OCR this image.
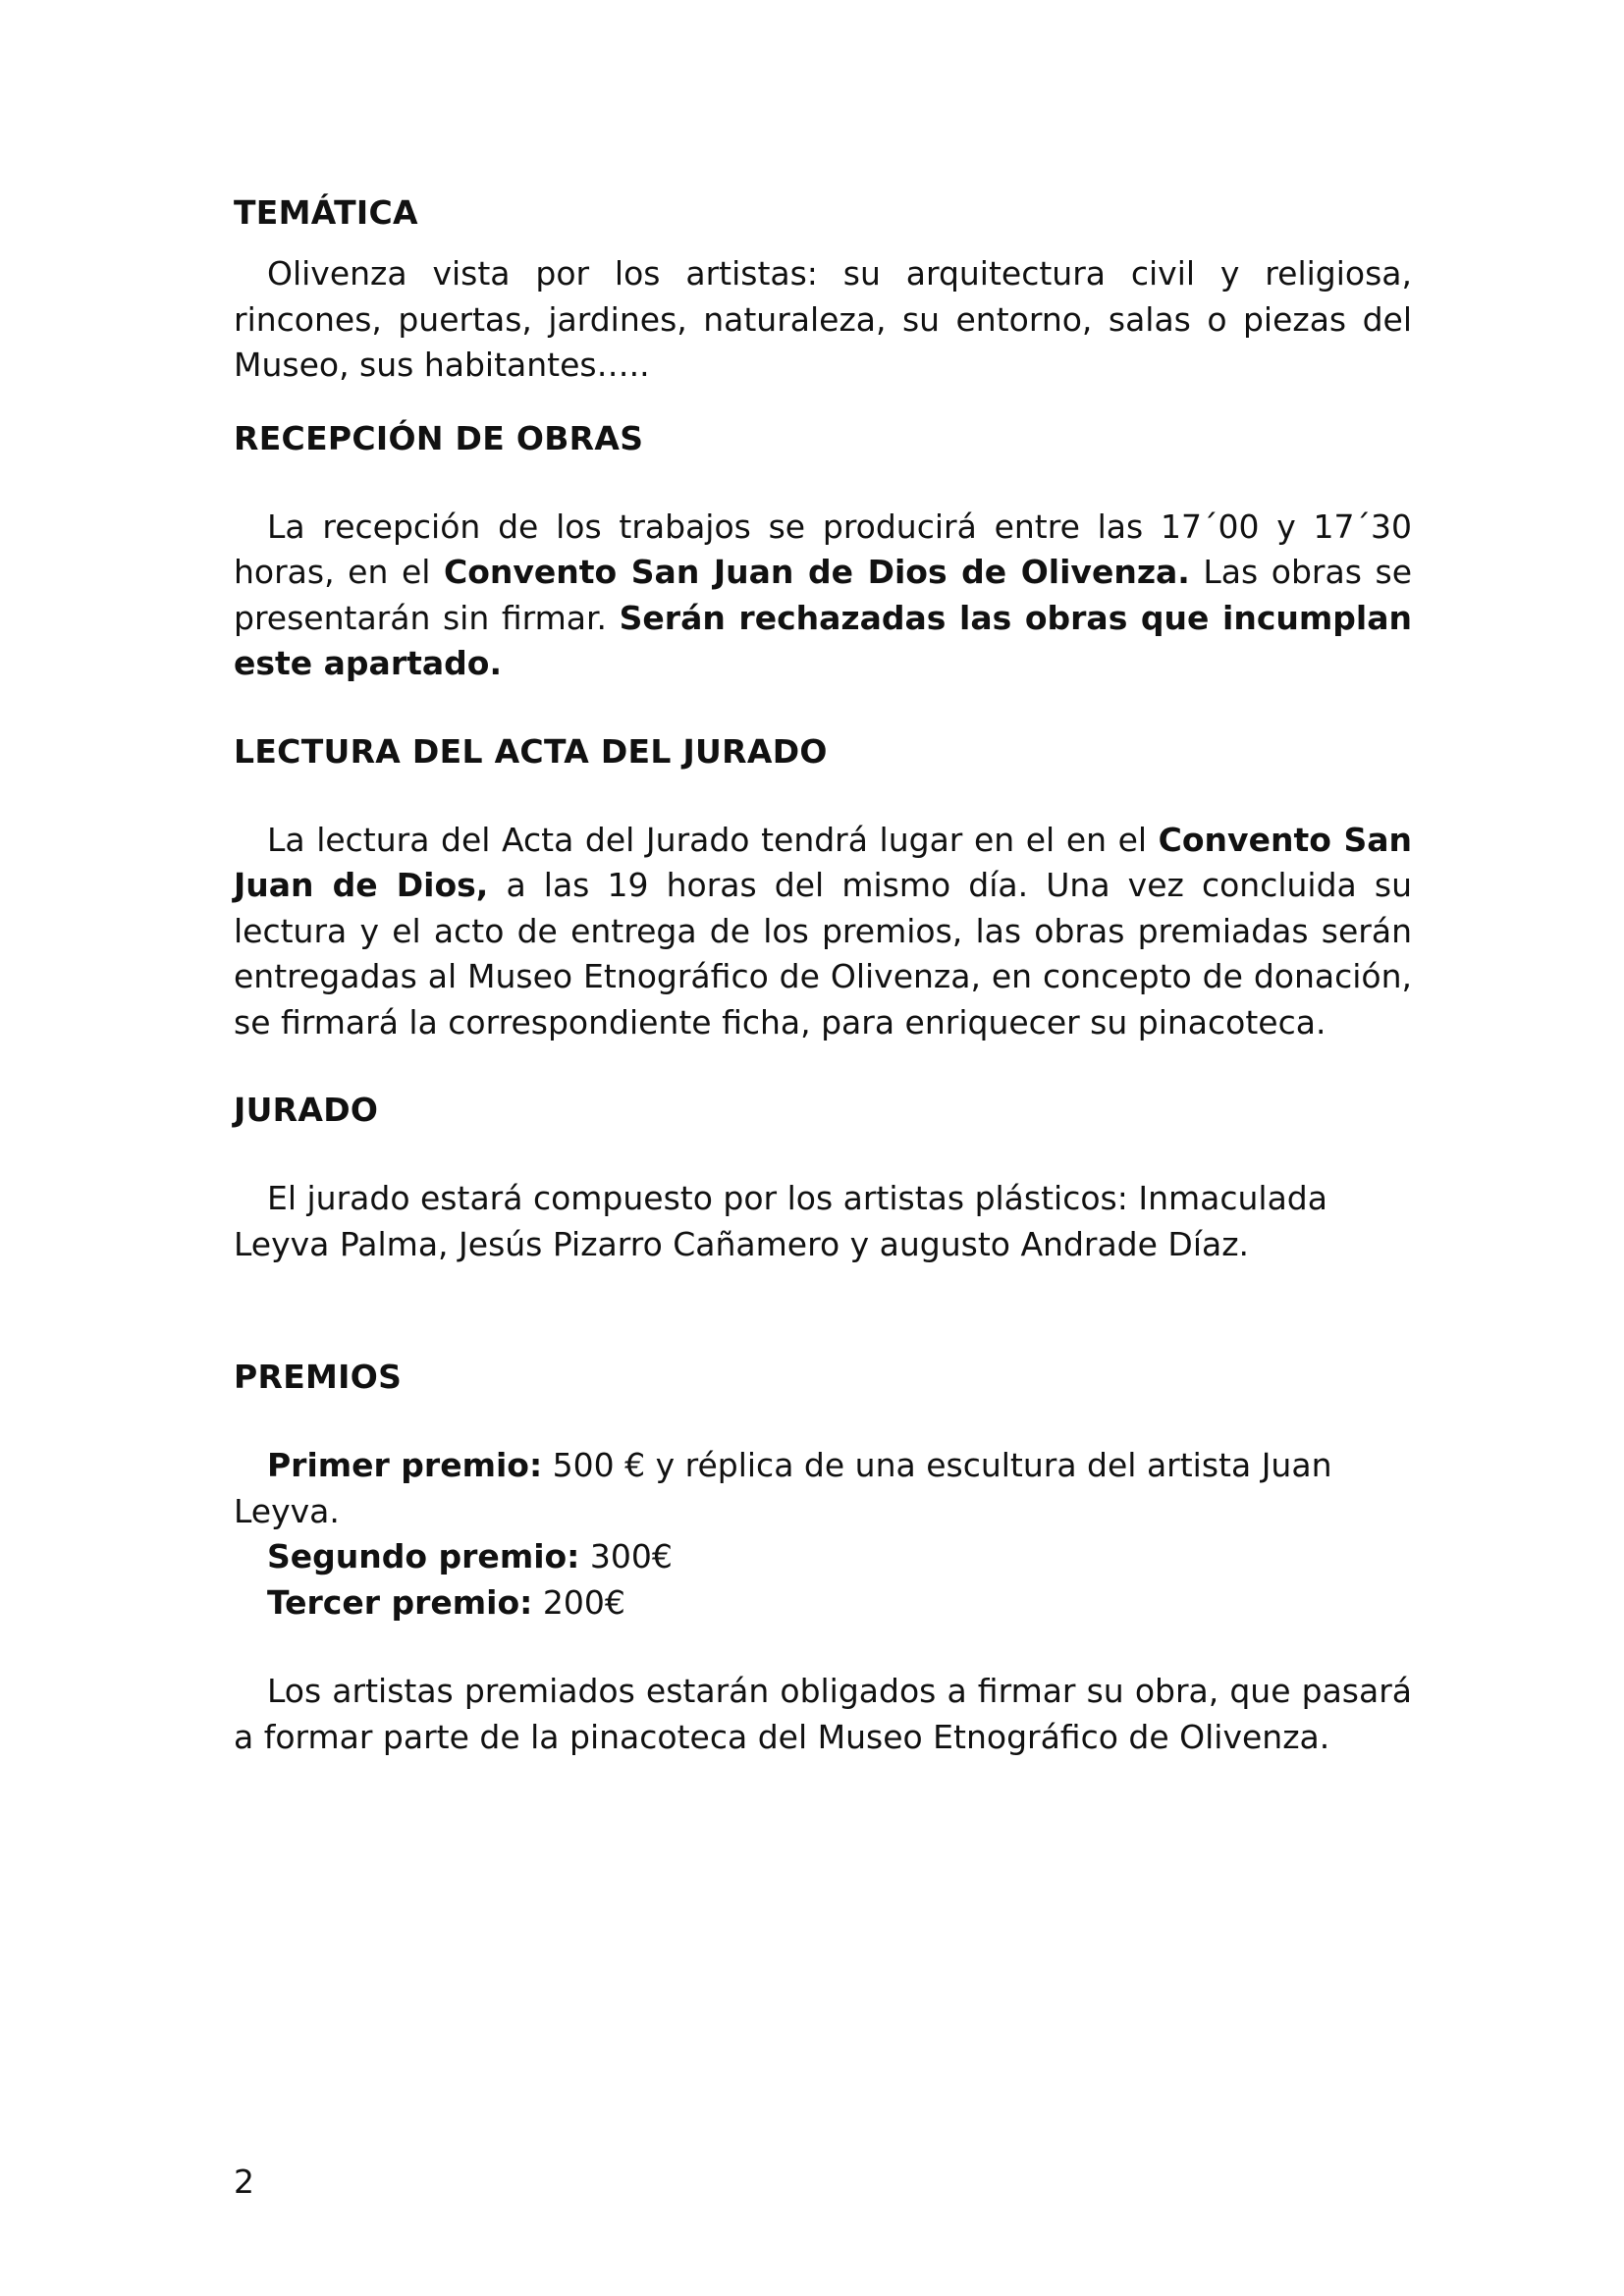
TEMÁTICA

Olivenza vista por los artistas: su arquitectura civil y religiosa, rincones, puertas, jardines, naturaleza, su entorno, salas o piezas del Museo, sus habitantes…..

RECEPCIÓN DE OBRAS

La recepción de los trabajos se producirá entre las 17´00 y 17´30 horas, en el Convento San Juan de Dios de Olivenza. Las obras se presentarán sin firmar. Serán rechazadas las obras que incumplan este apartado.

LECTURA DEL ACTA DEL JURADO

La lectura del Acta del Jurado tendrá lugar en el en el Convento San Juan de Dios, a las 19 horas del mismo día. Una vez concluida su lectura y el acto de entrega de los premios, las obras premiadas serán entregadas al Museo Etnográfico de Olivenza, en concepto de donación, se firmará la correspondiente ficha, para enriquecer su pinacoteca.

JURADO

El jurado estará compuesto por los artistas plásticos: Inmaculada Leyva Palma, Jesús Pizarro Cañamero y augusto Andrade Díaz.

PREMIOS

Primer premio: 500 € y réplica de una escultura del artista Juan Leyva.

Segundo premio: 300€

Tercer premio: 200€

Los artistas premiados estarán obligados a firmar su obra, que pasará a formar parte de la pinacoteca del Museo Etnográfico de Olivenza.

2
